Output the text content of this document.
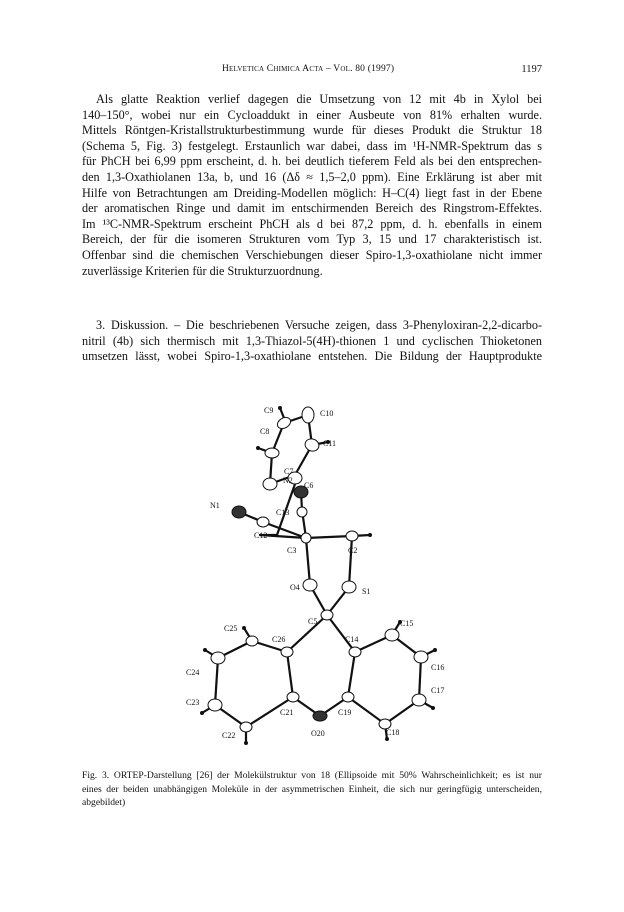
Helvetica Chimica Acta – Vol. 80 (1997)	1197
Als glatte Reaktion verlief dagegen die Umsetzung von 12 mit 4b in Xylol bei
140–150°, wobei nur ein Cycloaddukt in einer Ausbeute von 81% erhalten wurde.
Mittels Röntgen-Kristallstrukturbestimmung wurde für dieses Produkt die Struktur 18
(Schema 5, Fig. 3) festgelegt. Erstaunlich war dabei, dass im ¹H-NMR-Spektrum das s
für PhCH bei 6,99 ppm erscheint, d. h. bei deutlich tieferem Feld als bei den entsprechen-
den 1,3-Oxathiolanen 13a, b, und 16 (Δδ ≈ 1,5–2,0 ppm). Eine Erklärung ist aber mit
Hilfe von Betrachtungen am Dreiding-Modellen möglich: H–C(4) liegt fast in der Ebene
der aromatischen Ringe und damit im entschirmenden Bereich des Ringstrom-Effektes.
Im ¹³C-NMR-Spektrum erscheint PhCH als d bei 87,2 ppm, d. h. ebenfalls in einem
Bereich, der für die isomeren Strukturen vom Typ 3, 15 und 17 charakteristisch ist.
Offenbar sind die chemischen Verschiebungen dieser Spiro-1,3-oxathiolane nicht immer
zuverlässige Kriterien für die Strukturzuordnung.
3. Diskussion. – Die beschriebenen Versuche zeigen, dass 3-Phenyloxiran-2,2-dicarbo-
nitril (4b) sich thermisch mit 1,3-Thiazol-5(4H)-thionen 1 und cyclischen Thioketonen
umsetzen lässt, wobei Spiro-1,3-oxathiolane entstehen. Die Bildung der Hauptprodukte
C9	C10
C8
C11
C7
C6
N2
N1
C13
C12
C3	C2
O4	S1
C25
C5	C15
C26	C14
C24
C16
C17
C23
C21	C19
C22	O20	C18
Fig. 3. ORTEP-Darstellung [26] der Molekülstruktur von 18 (Ellipsoide mit 50% Wahrscheinlichkeit; es ist nur
eines der beiden unabhängigen Moleküle in der asymmetrischen Einheit, die sich nur geringfügig unterscheiden,
abgebildet)
